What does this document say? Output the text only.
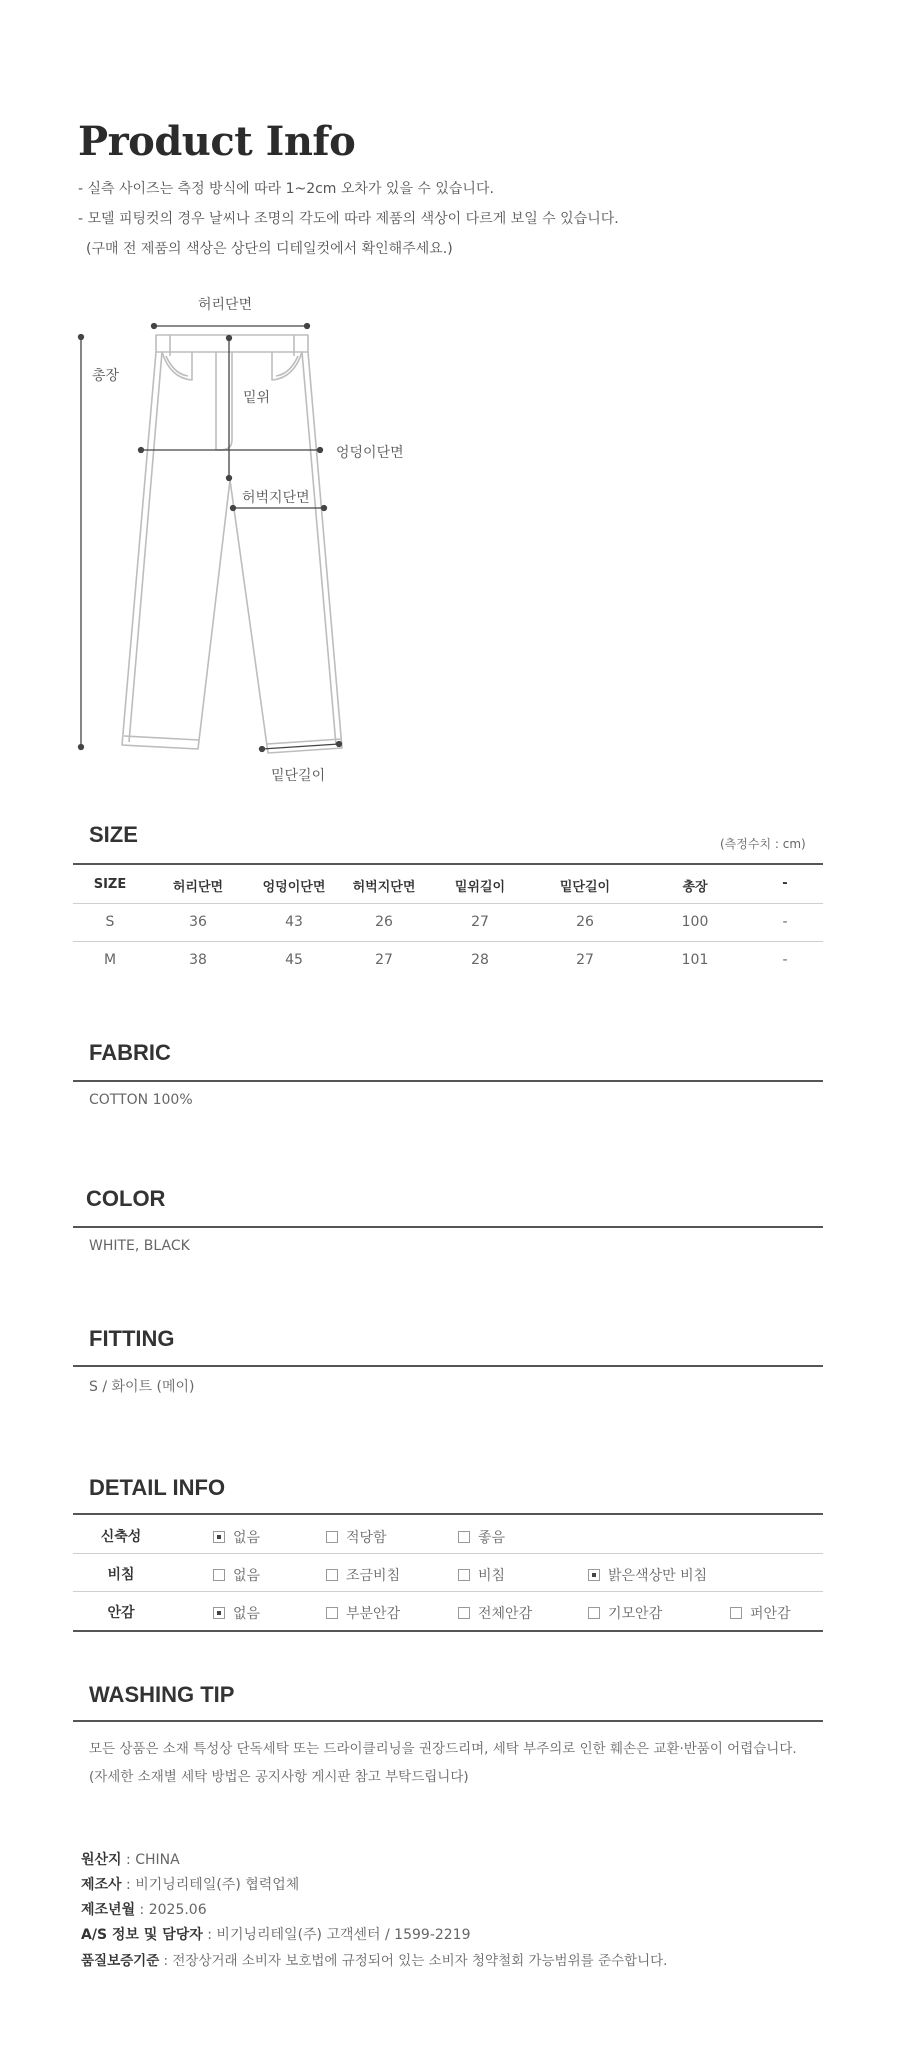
Product Info
- 실측 사이즈는 측정 방식에 따라 1~2cm 오차가 있을 수 있습니다.
- 모델 피팅컷의 경우 날씨나 조명의 각도에 따라 제품의 색상이 다르게 보일 수 있습니다.
(구매 전 제품의 색상은 상단의 디테일컷에서 확인해주세요.)
허리단면
총장
밑위
엉덩이단면
허벅지단면
밑단길이
SIZE	(측정수치 : cm)
SIZE	허리단면	엉덩이단면	허벅지단면	밑위길이	밑단길이	총장	-
S	36	43	26	27	26	100	-
M	38	45	27	28	27	101	-
FABRIC
COTTON 100%
COLOR
WHITE, BLACK
FITTING
S / 화이트 (메이)
DETAIL INFO
신축성	없음	적당함	좋음
비침	없음	조금비침	비침	밝은색상만 비침
안감	없음	부분안감	전체안감	기모안감	퍼안감
WASHING TIP
모든 상품은 소재 특성상 단독세탁 또는 드라이클리닝을 권장드리며, 세탁 부주의로 인한 훼손은 교환·반품이 어렵습니다.
(자세한 소재별 세탁 방법은 공지사항 게시판 참고 부탁드립니다)
원산지 : CHINA
제조사 : 비기닝리테일(주) 협력업체
제조년월 : 2025.06
A/S 정보 및 담당자 : 비기닝리테일(주) 고객센터 / 1599-2219
품질보증기준 : 전장상거래 소비자 보호법에 규정되어 있는 소비자 청약철회 가능범위를 준수합니다.
